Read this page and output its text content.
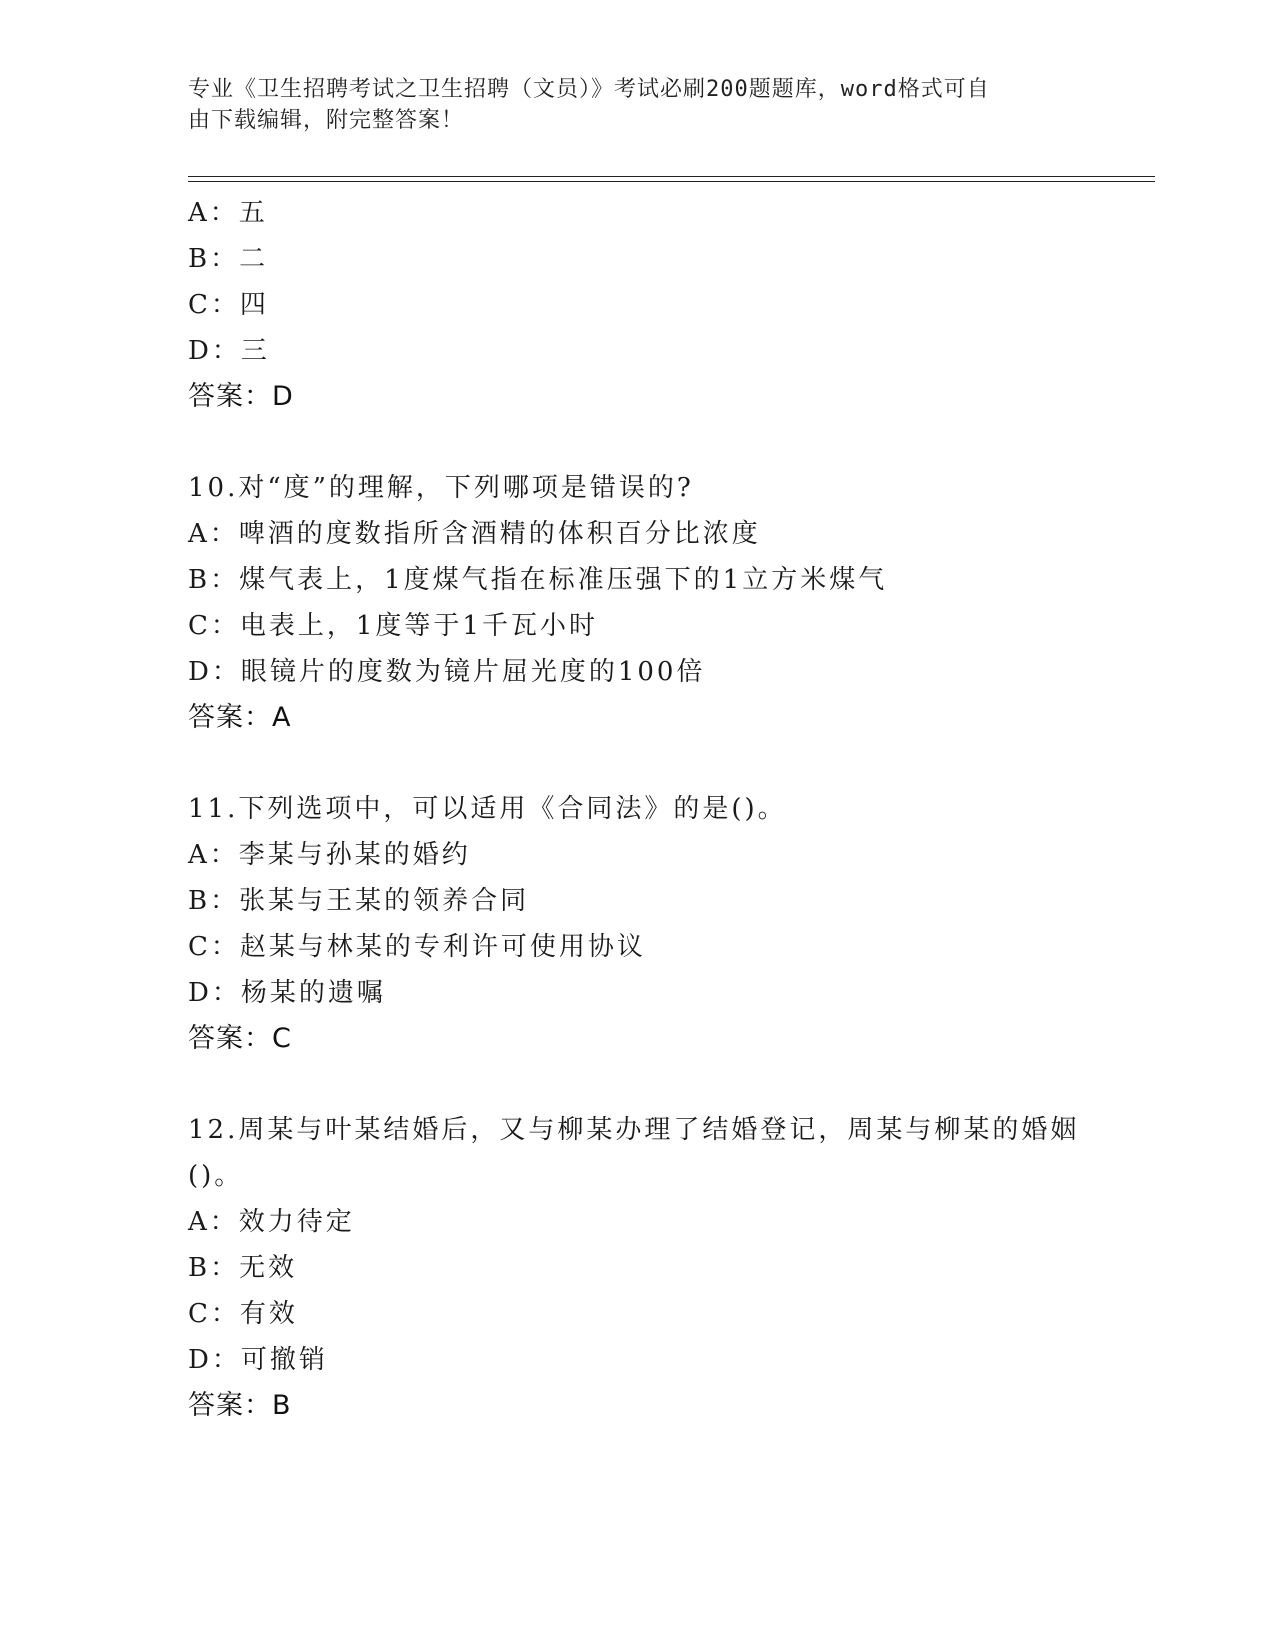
专业《卫生招聘考试之卫生招聘（文员）》考试必刷200题题库，word格式可自
由下载编辑，附完整答案！
A：五
B：二
C：四
D：三
答案：D
10.对“度”的理解，下列哪项是错误的?
A：啤酒的度数指所含酒精的体积百分比浓度
B：煤气表上，1度煤气指在标准压强下的1立方米煤气
C：电表上，1度等于1千瓦小时
D：眼镜片的度数为镜片屈光度的100倍
答案：A
11.下列选项中，可以适用《合同法》的是()。
A：李某与孙某的婚约
B：张某与王某的领养合同
C：赵某与林某的专利许可使用协议
D：杨某的遗嘱
答案：C
12.周某与叶某结婚后，又与柳某办理了结婚登记，周某与柳某的婚姻
()。
A：效力待定
B：无效
C：有效
D：可撤销
答案：B
